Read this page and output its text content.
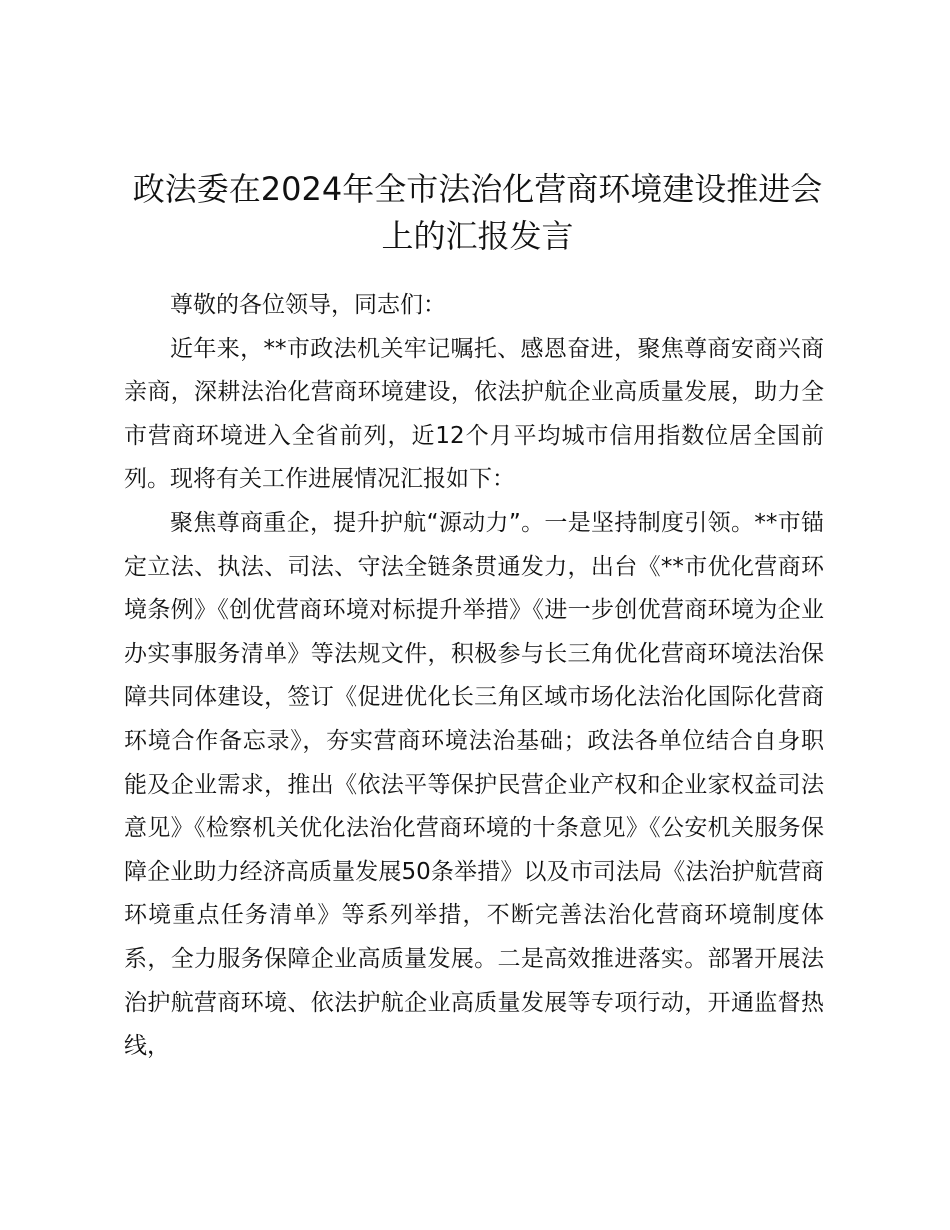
政法委在2024年全市法治化营商环境建设推进会上的汇报发言

尊敬的各位领导，同志们：

近年来，**市政法机关牢记嘱托、感恩奋进，聚焦尊商安商兴商亲商，深耕法治化营商环境建设，依法护航企业高质量发展，助力全市营商环境进入全省前列，近12个月平均城市信用指数位居全国前列。现将有关工作进展情况汇报如下：

聚焦尊商重企，提升护航“源动力”。一是坚持制度引领。**市锚定立法、执法、司法、守法全链条贯通发力，出台《**市优化营商环境条例》《创优营商环境对标提升举措》《进一步创优营商环境为企业办实事服务清单》等法规文件，积极参与长三角优化营商环境法治保障共同体建设，签订《促进优化长三角区域市场化法治化国际化营商环境合作备忘录》，夯实营商环境法治基础；政法各单位结合自身职能及企业需求，推出《依法平等保护民营企业产权和企业家权益司法意见》《检察机关优化法治化营商环境的十条意见》《公安机关服务保障企业助力经济高质量发展50条举措》以及市司法局《法治护航营商环境重点任务清单》等系列举措，不断完善法治化营商环境制度体系，全力服务保障企业高质量发展。二是高效推进落实。部署开展法治护航营商环境、依法护航企业高质量发展等专项行动，开通监督热线，
